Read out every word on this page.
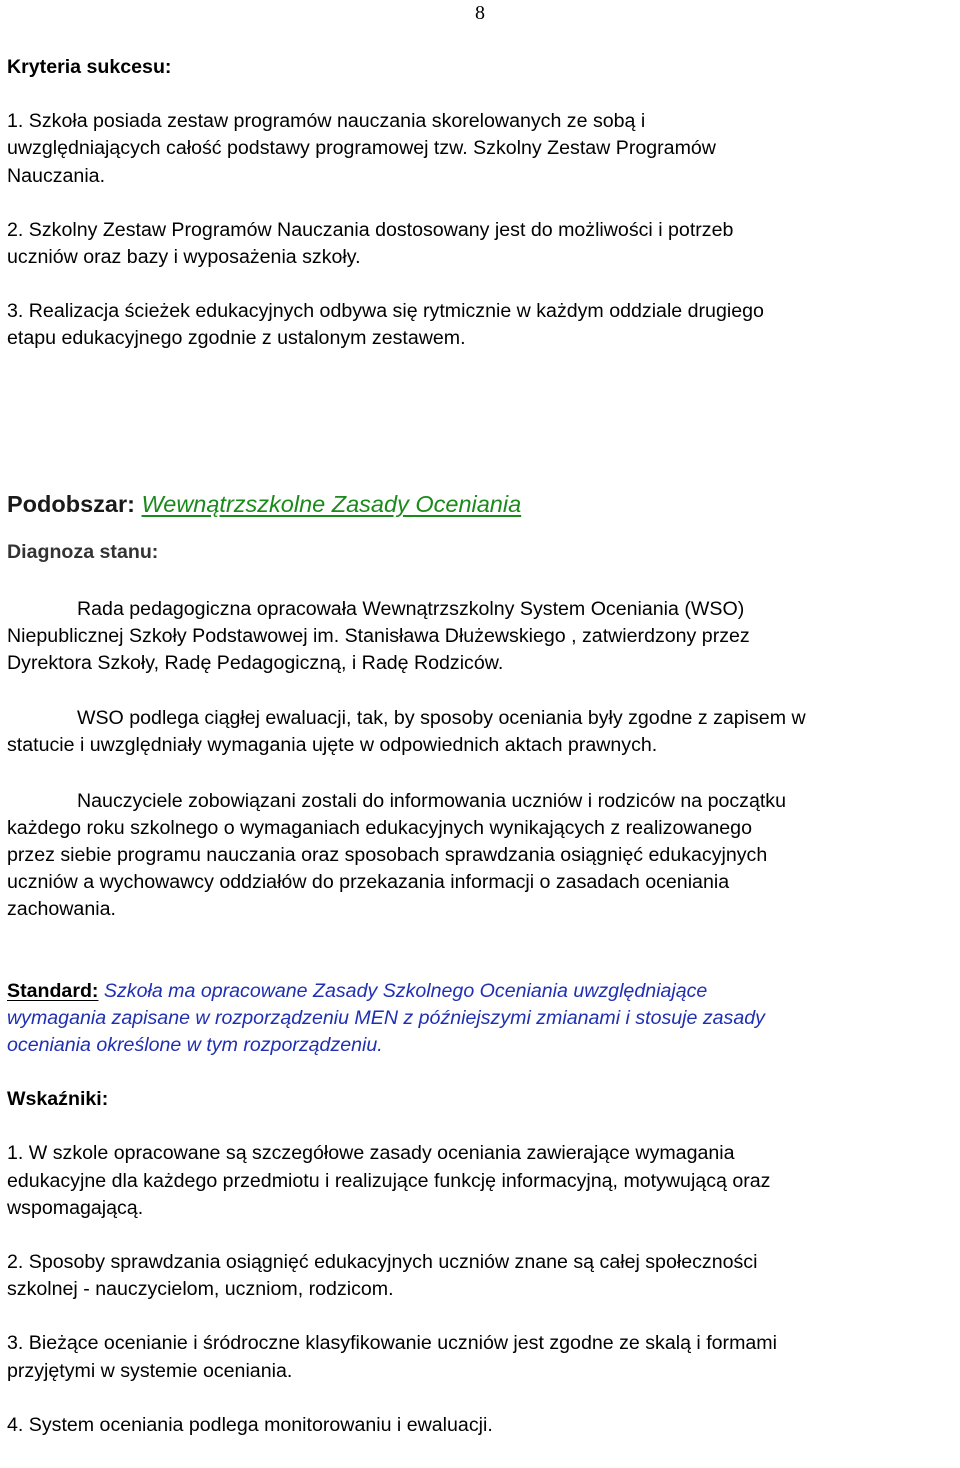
8

Kryteria sukcesu:

1. Szkoła posiada zestaw programów nauczania skorelowanych ze sobą i

uwzględniających całość podstawy programowej tzw. Szkolny Zestaw Programów

Nauczania.

2. Szkolny Zestaw Programów Nauczania dostosowany jest do możliwości i potrzeb

uczniów oraz bazy i wyposażenia szkoły.

3. Realizacja ścieżek edukacyjnych odbywa się rytmicznie w każdym oddziale drugiego

etapu edukacyjnego zgodnie z ustalonym zestawem.

Podobszar: Wewnątrzszkolne Zasady Oceniania

Diagnoza stanu:

Rada pedagogiczna opracowała Wewnątrzszkolny System Oceniania (WSO)

Niepublicznej Szkoły Podstawowej im. Stanisława Dłużewskiego , zatwierdzony przez

Dyrektora Szkoły, Radę Pedagogiczną, i Radę Rodziców.

WSO podlega ciągłej ewaluacji, tak, by sposoby oceniania były zgodne z zapisem w

statucie i uwzględniały wymagania ujęte w odpowiednich aktach prawnych.

Nauczyciele zobowiązani zostali do informowania uczniów i rodziców na początku

każdego roku szkolnego o wymaganiach edukacyjnych wynikających z realizowanego

przez siebie programu nauczania oraz sposobach sprawdzania osiągnięć edukacyjnych

uczniów a wychowawcy oddziałów do przekazania informacji o zasadach oceniania

zachowania.

Standard: Szkoła ma opracowane Zasady Szkolnego Oceniania uwzględniające

wymagania zapisane w rozporządzeniu MEN z późniejszymi zmianami i stosuje zasady

oceniania określone w tym rozporządzeniu.

Wskaźniki:

1. W szkole opracowane są szczegółowe zasady oceniania zawierające wymagania

edukacyjne dla każdego przedmiotu i realizujące funkcję informacyjną, motywującą oraz

wspomagającą.

2. Sposoby sprawdzania osiągnięć edukacyjnych uczniów znane są całej społeczności

szkolnej - nauczycielom, uczniom, rodzicom.

3. Bieżące ocenianie i śródroczne klasyfikowanie uczniów jest zgodne ze skalą i formami

przyjętymi w systemie oceniania.

4. System oceniania podlega monitorowaniu i ewaluacji.
